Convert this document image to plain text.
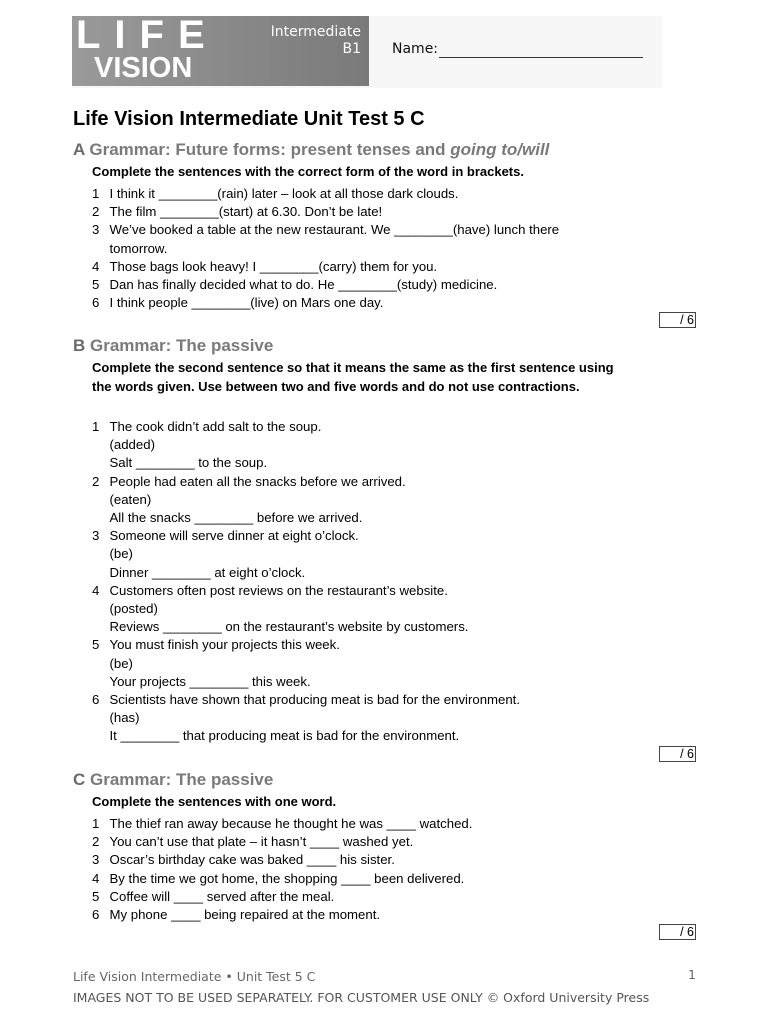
LIFE
VISION
Intermediate
B1 Name:
Life Vision Intermediate Unit Test 5 C
A Grammar: Future forms: present tenses and going to/will
Complete the sentences with the correct form of the word in brackets.
1 I think it ________(rain) later – look at all those dark clouds.
2 The film ________(start) at 6.30. Don’t be late!
3 We’ve booked a table at the new restaurant. We ________(have) lunch there tomorrow.
4 Those bags look heavy! I ________(carry) them for you.
5 Dan has finally decided what to do. He ________(study) medicine.
6 I think people ________(live) on Mars one day.
/ 6
B Grammar: The passive
Complete the second sentence so that it means the same as the first sentence using the words given. Use between two and five words and do not use contractions.
1 The cook didn’t add salt to the soup.
(added)
Salt ________ to the soup.
2 People had eaten all the snacks before we arrived.
(eaten)
All the snacks ________ before we arrived.
3 Someone will serve dinner at eight o’clock.
(be)
Dinner ________ at eight o’clock.
4 Customers often post reviews on the restaurant’s website.
(posted)
Reviews ________ on the restaurant’s website by customers.
5 You must finish your projects this week.
(be)
Your projects ________ this week.
6 Scientists have shown that producing meat is bad for the environment.
(has)
It ________ that producing meat is bad for the environment.
/ 6
C Grammar: The passive
Complete the sentences with one word.
1 The thief ran away because he thought he was ____ watched.
2 You can’t use that plate – it hasn’t ____ washed yet.
3 Oscar’s birthday cake was baked ____ his sister.
4 By the time we got home, the shopping ____ been delivered.
5 Coffee will ____ served after the meal.
6 My phone ____ being repaired at the moment.
/ 6
Life Vision Intermediate • Unit Test 5 C	1
IMAGES NOT TO BE USED SEPARATELY. FOR CUSTOMER USE ONLY © Oxford University Press
